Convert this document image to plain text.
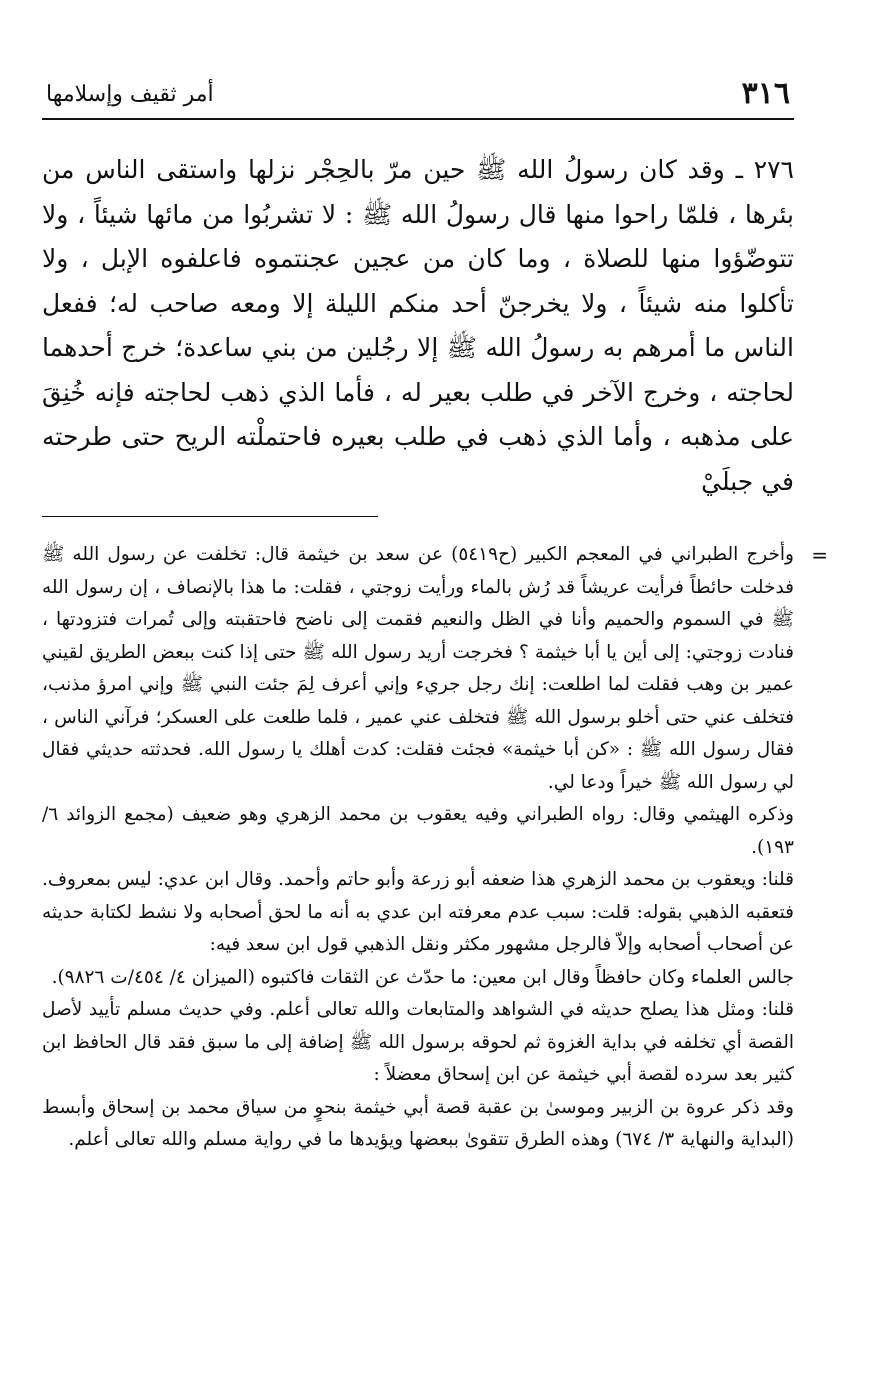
٣١٦
أمر ثقيف وإسلامها

٢٧٦ ـ وقد كان رسولُ الله ﷺ حين مرّ بالحِجْر نزلها واستقى الناس من بئرها ، فلمّا راحوا منها قال رسولُ الله ﷺ : لا تشربُوا من مائها شيئاً ، ولا تتوضّؤوا منها للصلاة ، وما كان من عجين عجنتموه فاعلفوه الإبل ، ولا تأكلوا منه شيئاً ، ولا يخرجنّ أحد منكم الليلة إلا ومعه صاحب له؛ ففعل الناس ما أمرهم به رسولُ الله ﷺ إلا رجُلين من بني ساعدة؛ خرج أحدهما لحاجته ، وخرج الآخر في طلب بعير له ، فأما الذي ذهب لحاجته فإنه خُنِقَ على مذهبه ، وأما الذي ذهب في طلب بعيره فاحتملْته الريح حتى طرحته في جبلَيْ

=

وأخرج الطبراني في المعجم الكبير (ح٥٤١٩) عن سعد بن خيثمة قال: تخلفت عن رسول الله ﷺ فدخلت حائطاً فرأيت عريشاً قد رُش بالماء ورأيت زوجتي ، فقلت: ما هذا بالإنصاف ، إن رسول الله ﷺ في السموم والحميم وأنا في الظل والنعيم فقمت إلى ناضح فاحتقبته وإلى تُمرات فتزودتها ، فنادت زوجتي: إلى أين يا أبا خيثمة ؟ فخرجت أريد رسول الله ﷺ حتى إذا كنت ببعض الطريق لقيني عمير بن وهب فقلت لما اطلعت: إنك رجل جريء وإني أعرف لِمَ جئت النبي ﷺ وإني امرؤ مذنب، فتخلف عني حتى أخلو برسول الله ﷺ فتخلف عني عمير ، فلما طلعت على العسكر؛ فرآني الناس ، فقال رسول الله ﷺ : «كن أبا خيثمة» فجئت فقلت: كدت أهلك يا رسول الله. فحدثته حديثي فقال لي رسول الله ﷺ خيراً ودعا لي.

وذكره الهيثمي وقال: رواه الطبراني وفيه يعقوب بن محمد الزهري وهو ضعيف (مجمع الزوائد ٦/ ١٩٣).

قلنا: ويعقوب بن محمد الزهري هذا ضعفه أبو زرعة وأبو حاتم وأحمد. وقال ابن عدي: ليس بمعروف. فتعقبه الذهبي بقوله: قلت: سبب عدم معرفته ابن عدي به أنه ما لحق أصحابه ولا نشط لكتابة حديثه عن أصحاب أصحابه وإلاّ فالرجل مشهور مكثر ونقل الذهبي قول ابن سعد فيه:

جالس العلماء وكان حافظاً وقال ابن معين: ما حدّث عن الثقات فاكتبوه (الميزان ٤/ ٤٥٤/ت ٩٨٢٦).

قلنا: ومثل هذا يصلح حديثه في الشواهد والمتابعات والله تعالى أعلم. وفي حديث مسلم تأييد لأصل القصة أي تخلفه في بداية الغزوة ثم لحوقه برسول الله ﷺ إضافة إلى ما سبق فقد قال الحافظ ابن كثير بعد سرده لقصة أبي خيثمة عن ابن إسحاق معضلاً :

وقد ذكر عروة بن الزبير وموسىٰ بن عقبة قصة أبي خيثمة بنحوٍ من سياق محمد بن إسحاق وأبسط (البداية والنهاية ٣/ ٦٧٤) وهذه الطرق تتقوىٰ ببعضها ويؤيدها ما في رواية مسلم والله تعالى أعلم.
